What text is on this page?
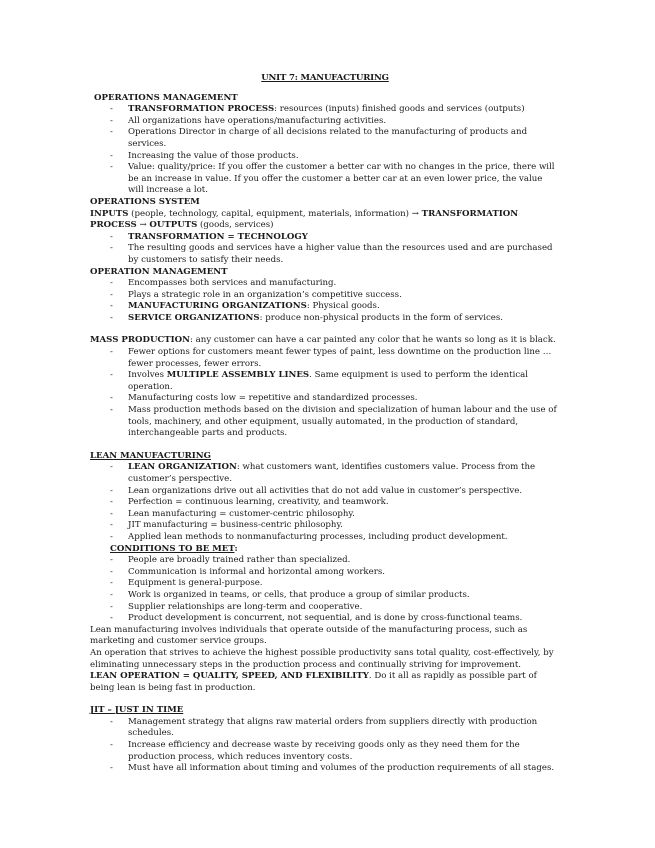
UNIT 7: MANUFACTURING
OPERATIONS MANAGEMENT
- TRANSFORMATION PROCESS: resources (inputs) finished goods and services (outputs)
- All organizations have operations/manufacturing activities.
- Operations Director in charge of all decisions related to the manufacturing of products and services.
- Increasing the value of those products.
- Value: quality/price: If you offer the customer a better car with no changes in the price, there will be an increase in value. If you offer the customer a better car at an even lower price, the value will increase a lot.
OPERATIONS SYSTEM
INPUTS (people, technology, capital, equipment, materials, information) → TRANSFORMATION PROCESS → OUTPUTS (goods, services)
- TRANSFORMATION = TECHNOLOGY
- The resulting goods and services have a higher value than the resources used and are purchased by customers to satisfy their needs.
OPERATION MANAGEMENT
- Encompasses both services and manufacturing.
- Plays a strategic role in an organization’s competitive success.
- MANUFACTURING ORGANIZATIONS: Physical goods.
- SERVICE ORGANIZATIONS: produce non-physical products in the form of services.
MASS PRODUCTION: any customer can have a car painted any color that he wants so long as it is black.
- Fewer options for customers meant fewer types of paint, less downtime on the production line … fewer processes, fewer errors.
- Involves MULTIPLE ASSEMBLY LINES. Same equipment is used to perform the identical operation.
- Manufacturing costs low = repetitive and standardized processes.
- Mass production methods based on the division and specialization of human labour and the use of tools, machinery, and other equipment, usually automated, in the production of standard, interchangeable parts and products.
LEAN MANUFACTURING
- LEAN ORGANIZATION: what customers want, identifies customers value. Process from the customer’s perspective.
- Lean organizations drive out all activities that do not add value in customer’s perspective.
- Perfection = continuous learning, creativity, and teamwork.
- Lean manufacturing = customer-centric philosophy.
- JIT manufacturing = business-centric philosophy.
- Applied lean methods to nonmanufacturing processes, including product development.
CONDITIONS TO BE MET:
- People are broadly trained rather than specialized.
- Communication is informal and horizontal among workers.
- Equipment is general-purpose.
- Work is organized in teams, or cells, that produce a group of similar products.
- Supplier relationships are long-term and cooperative.
- Product development is concurrent, not sequential, and is done by cross-functional teams.
Lean manufacturing involves individuals that operate outside of the manufacturing process, such as marketing and customer service groups.
An operation that strives to achieve the highest possible productivity sans total quality, cost-effectively, by eliminating unnecessary steps in the production process and continually striving for improvement.
LEAN OPERATION = QUALITY, SPEED, AND FLEXIBILITY. Do it all as rapidly as possible part of being lean is being fast in production.
JIT – JUST IN TIME
- Management strategy that aligns raw material orders from suppliers directly with production schedules.
- Increase efficiency and decrease waste by receiving goods only as they need them for the production process, which reduces inventory costs.
- Must have all information about timing and volumes of the production requirements of all stages.
